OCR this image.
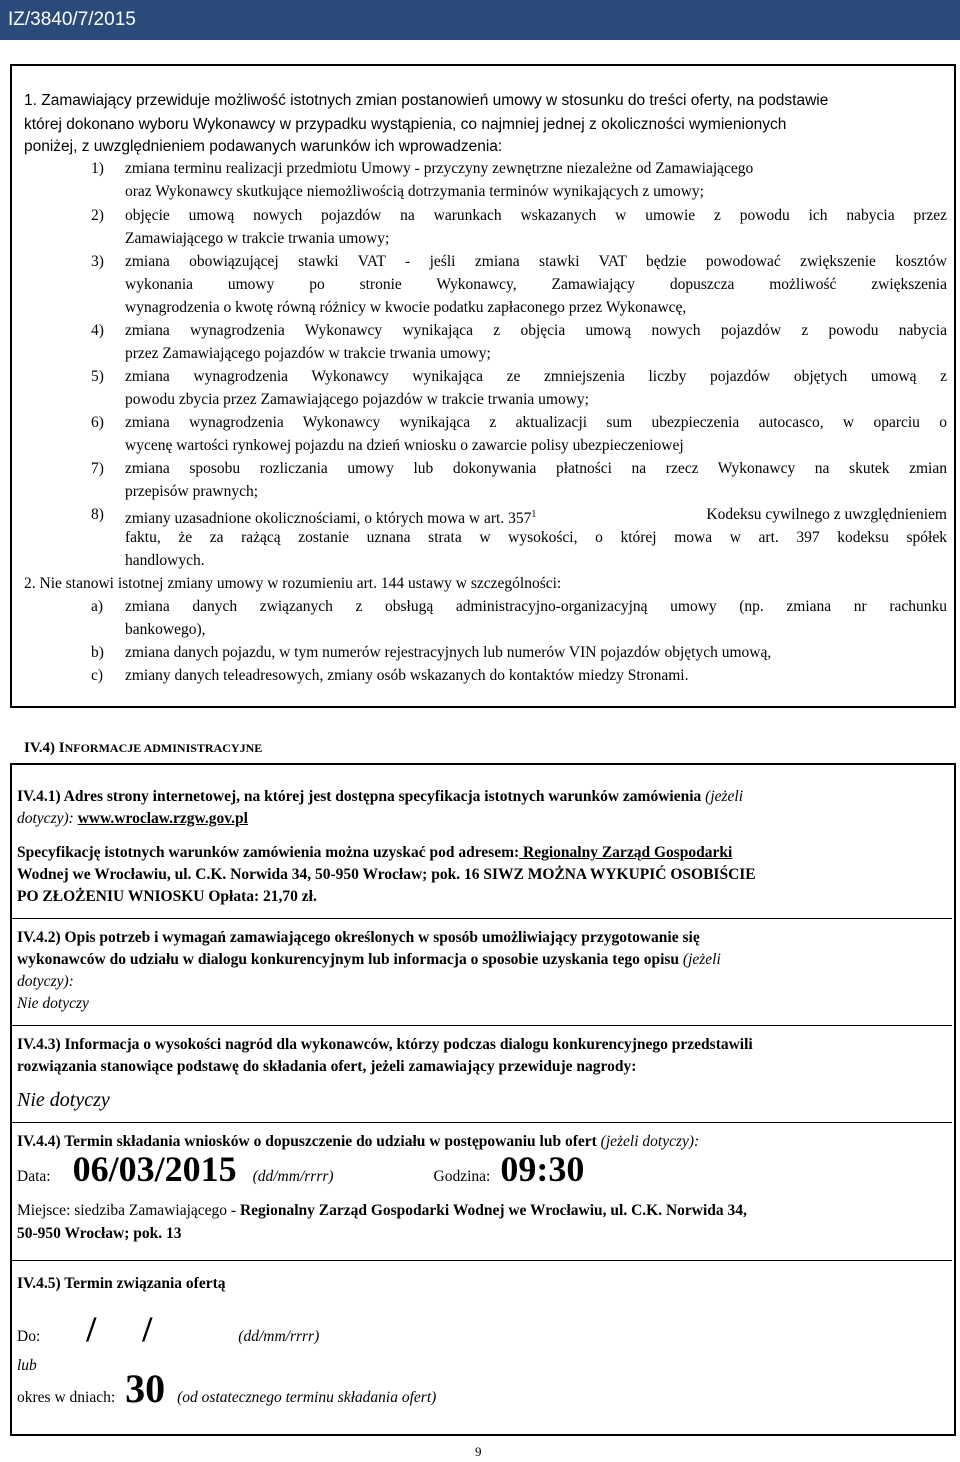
IZ/3840/7/2015
1. Zamawiający przewiduje możliwość istotnych zmian postanowień umowy w stosunku do treści oferty, na podstawie
której dokonano wyboru Wykonawcy w przypadku wystąpienia, co najmniej jednej z okoliczności wymienionych
poniżej, z uwzględnieniem podawanych warunków ich wprowadzenia:
1) zmiana terminu realizacji przedmiotu Umowy - przyczyny zewnętrzne niezależne od Zamawiającego
oraz Wykonawcy skutkujące niemożliwością dotrzymania terminów wynikających z umowy;
2) objęcie umową nowych pojazdów na warunkach wskazanych w umowie z powodu ich nabycia przez
Zamawiającego w trakcie trwania umowy;
3) zmiana obowiązującej stawki VAT - jeśli zmiana stawki VAT będzie powodować zwiększenie kosztów
wykonania umowy po stronie Wykonawcy, Zamawiający dopuszcza możliwość zwiększenia
wynagrodzenia o kwotę równą różnicy w kwocie podatku zapłaconego przez Wykonawcę,
4) zmiana wynagrodzenia Wykonawcy wynikająca z objęcia umową nowych pojazdów z powodu nabycia
przez Zamawiającego pojazdów w trakcie trwania umowy;
5) zmiana wynagrodzenia Wykonawcy wynikająca ze zmniejszenia liczby pojazdów objętych umową z
powodu zbycia przez Zamawiającego pojazdów w trakcie trwania umowy;
6) zmiana wynagrodzenia Wykonawcy wynikająca z aktualizacji sum ubezpieczenia autocasco, w oparciu o
wycenę wartości rynkowej pojazdu na dzień wniosku o zawarcie polisy ubezpieczeniowej
7) zmiana sposobu rozliczania umowy lub dokonywania płatności na rzecz Wykonawcy na skutek zmian
przepisów prawnych;
8) zmiany uzasadnione okolicznościami, o których mowa w art. $357^1$	Kodeksu cywilnego z uwzględnieniem
faktu, że za rażącą zostanie uznana strata w wysokości, o której mowa w art. 397 kodeksu spółek
handlowych.
2. Nie stanowi istotnej zmiany umowy w rozumieniu art. 144 ustawy w szczególności:
a) zmiana danych związanych z obsługą administracyjno-organizacyjną umowy (np. zmiana nr rachunku
bankowego),
b) zmiana danych pojazdu, w tym numerów rejestracyjnych lub numerów VIN pojazdów objętych umową,
c) zmiany danych teleadresowych, zmiany osób wskazanych do kontaktów miedzy Stronami.
IV.4) INFORMACJE ADMINISTRACYJNE
IV.4.1) Adres strony internetowej, na której jest dostępna specyfikacja istotnych warunków zamówienia (jeżeli
dotyczy): www.wroclaw.rzgw.gov.pl
Specyfikację istotnych warunków zamówienia można uzyskać pod adresem: Regionalny Zarząd Gospodarki
Wodnej we Wrocławiu, ul. C.K. Norwida 34, 50-950 Wrocław; pok. 16 SIWZ MOŻNA WYKUPIĆ OSOBIŚCIE
PO ZŁOŻENIU WNIOSKU Opłata: 21,70 zł.
IV.4.2) Opis potrzeb i wymagań zamawiającego określonych w sposób umożliwiający przygotowanie się
wykonawców do udziału w dialogu konkurencyjnym lub informacja o sposobie uzyskania tego opisu (jeżeli
dotyczy):
Nie dotyczy
IV.4.3) Informacja o wysokości nagród dla wykonawców, którzy podczas dialogu konkurencyjnego przedstawili
rozwiązania stanowiące podstawę do składania ofert, jeżeli zamawiający przewiduje nagrody:
Nie dotyczy
IV.4.4) Termin składania wniosków o dopuszczenie do udziału w postępowaniu lub ofert (jeżeli dotyczy):
Data: 06/03/2015 (dd/mm/rrrr)	Godzina: 09:30
Miejsce: siedziba Zamawiającego - Regionalny Zarząd Gospodarki Wodnej we Wrocławiu, ul. C.K. Norwida 34,
50-950 Wrocław; pok. 13
IV.4.5) Termin związania ofertą
Do: / /	(dd/mm/rrrr)
lub
okres w dniach: 30 (od ostatecznego terminu składania ofert)
9
